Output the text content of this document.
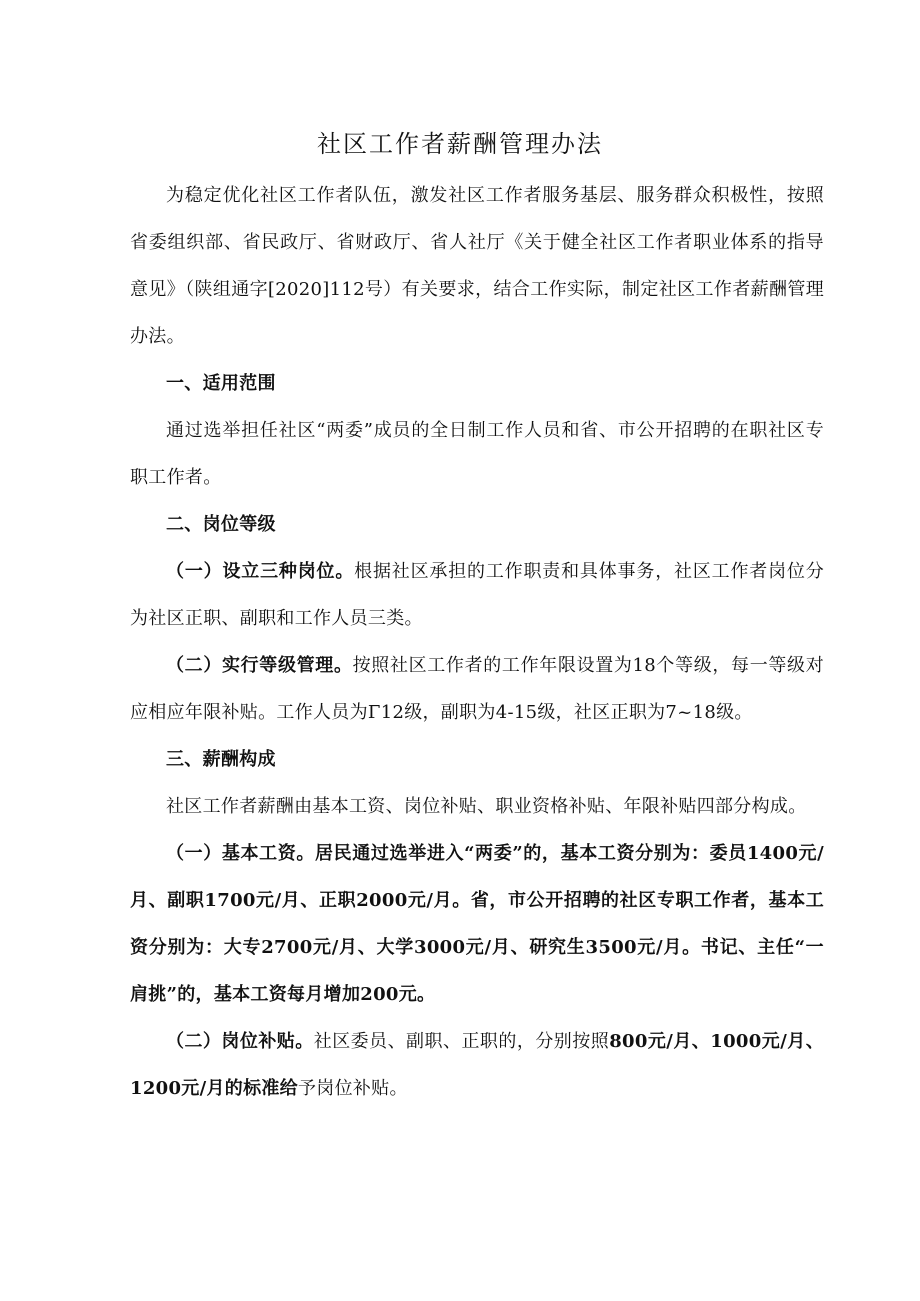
社区工作者薪酬管理办法

为稳定优化社区工作者队伍，激发社区工作者服务基层、服务群众积极性，按照省委组织部、省民政厅、省财政厅、省人社厅《关于健全社区工作者职业体系的指导意见》（陕组通字[2020]112号）有关要求，结合工作实际，制定社区工作者薪酬管理办法。

一、适用范围

通过选举担任社区“两委”成员的全日制工作人员和省、市公开招聘的在职社区专职工作者。

二、岗位等级

（一）设立三种岗位。根据社区承担的工作职责和具体事务，社区工作者岗位分为社区正职、副职和工作人员三类。

（二）实行等级管理。按照社区工作者的工作年限设置为18个等级，每一等级对应相应年限补贴。工作人员为Γ12级，副职为4-15级，社区正职为7~18级。

三、薪酬构成

社区工作者薪酬由基本工资、岗位补贴、职业资格补贴、年限补贴四部分构成。

（一）基本工资。居民通过选举进入“两委”的，基本工资分别为：委员1400元/月、副职1700元/月、正职2000元/月。省，市公开招聘的社区专职工作者，基本工资分别为：大专2700元/月、大学3000元/月、研究生3500元/月。书记、主任“一肩挑”的，基本工资每月增加200元。

（二）岗位补贴。社区委员、副职、正职的，分别按照800元/月、1000元/月、1200元/月的标准给予岗位补贴。
